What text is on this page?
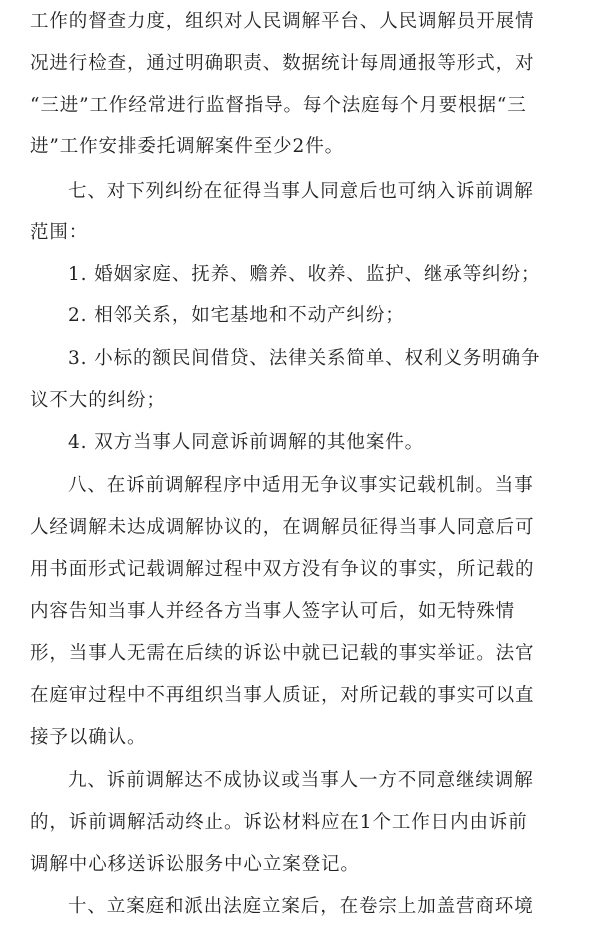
工作的督查力度，组织对人民调解平台、人民调解员开展情
况进行检查，通过明确职责、数据统计每周通报等形式，对
“三进”工作经常进行监督指导。每个法庭每个月要根据“三
进”工作安排委托调解案件至少2件。
七、对下列纠纷在征得当事人同意后也可纳入诉前调解
范围：
1. 婚姻家庭、抚养、赡养、收养、监护、继承等纠纷；
2. 相邻关系，如宅基地和不动产纠纷；
3. 小标的额民间借贷、法律关系简单、权利义务明确争
议不大的纠纷；
4. 双方当事人同意诉前调解的其他案件。
八、在诉前调解程序中适用无争议事实记载机制。当事
人经调解未达成调解协议的，在调解员征得当事人同意后可
用书面形式记载调解过程中双方没有争议的事实，所记载的
内容告知当事人并经各方当事人签字认可后，如无特殊情
形，当事人无需在后续的诉讼中就已记载的事实举证。法官
在庭审过程中不再组织当事人质证，对所记载的事实可以直
接予以确认。
九、诉前调解达不成协议或当事人一方不同意继续调解
的，诉前调解活动终止。诉讼材料应在1个工作日内由诉前
调解中心移送诉讼服务中心立案登记。
十、立案庭和派出法庭立案后，在卷宗上加盖营商环境
